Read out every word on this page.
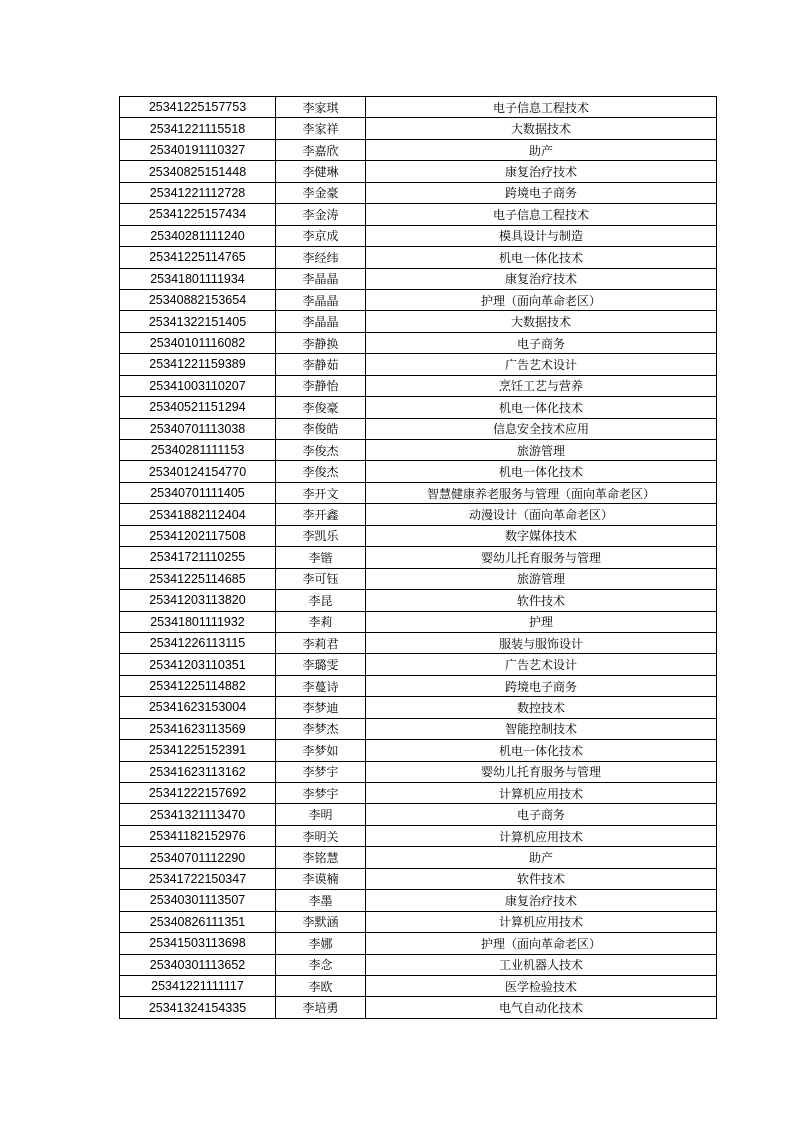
25341225157753	李家琪	电子信息工程技术
25341221115518	李家祥	大数据技术
25340191110327	李嘉欣	助产
25340825151448	李健琳	康复治疗技术
25341221112728	李金豪	跨境电子商务
25341225157434	李金涛	电子信息工程技术
25340281111240	李京成	模具设计与制造
25341225114765	李经纬	机电一体化技术
25341801111934	李晶晶	康复治疗技术
25340882153654	李晶晶	护理（面向革命老区）
25341322151405	李晶晶	大数据技术
25340101116082	李静换	电子商务
25341221159389	李静茹	广告艺术设计
25341003110207	李静怡	烹饪工艺与营养
25340521151294	李俊豪	机电一体化技术
25340701113038	李俊皓	信息安全技术应用
25340281111153	李俊杰	旅游管理
25340124154770	李俊杰	机电一体化技术
25340701111405	李开文	智慧健康养老服务与管理（面向革命老区）
25341882112404	李开鑫	动漫设计（面向革命老区）
25341202117508	李凯乐	数字媒体技术
25341721110255	李锴	婴幼儿托育服务与管理
25341225114685	李可钰	旅游管理
25341203113820	李昆	软件技术
25341801111932	李莉	护理
25341226113115	李莉君	服装与服饰设计
25341203110351	李璐雯	广告艺术设计
25341225114882	李蔓诗	跨境电子商务
25341623153004	李梦迪	数控技术
25341623113569	李梦杰	智能控制技术
25341225152391	李梦如	机电一体化技术
25341623113162	李梦宇	婴幼儿托育服务与管理
25341222157692	李梦宇	计算机应用技术
25341321113470	李明	电子商务
25341182152976	李明关	计算机应用技术
25340701112290	李铭慧	助产
25341722150347	李谟楠	软件技术
25340301113507	李墨	康复治疗技术
25340826111351	李默涵	计算机应用技术
25341503113698	李娜	护理（面向革命老区）
25340301113652	李念	工业机器人技术
25341221111117	李欧	医学检验技术
25341324154335	李培勇	电气自动化技术
